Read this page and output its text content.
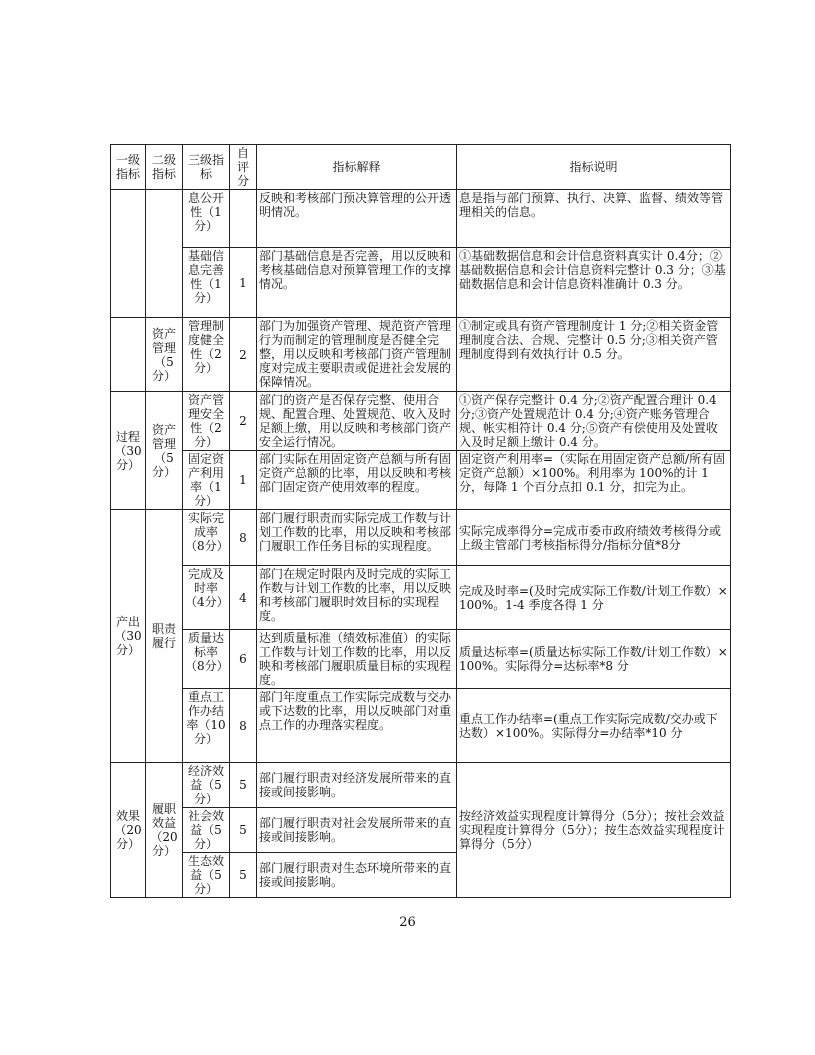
一级指标	二级指标	三级指标	自评分	指标解释	指标说明
		息公开性（1分）		反映和考核部门预决算管理的公开透明情况。	息是指与部门预算、执行、决算、监督、绩效等管理相关的信息。
		基础信息完善性（1分）	1	部门基础信息是否完善，用以反映和考核基础信息对预算管理工作的支撑情况。	①基础数据信息和会计信息资料真实计 0.4分；②基础数据信息和会计信息资料完整计 0.3 分；③基础数据信息和会计信息资料准确计 0.3 分。
	资产管理（5分）	管理制度健全性（2分）	2	部门为加强资产管理、规范资产管理行为而制定的管理制度是否健全完整，用以反映和考核部门资产管理制度对完成主要职责或促进社会发展的保障情况。	①制定或具有资产管理制度计 1 分;②相关资金管理制度合法、合规、完整计 0.5 分;③相关资产管理制度得到有效执行计 0.5 分。
过程（30分）	资产管理（5分）	资产管理安全性（2分）	2	部门的资产是否保存完整、使用合规、配置合理、处置规范、收入及时足额上缴，用以反映和考核部门资产安全运行情况。	①资产保存完整计 0.4 分;②资产配置合理计 0.4 分;③资产处置规范计 0.4 分;④资产账务管理合规、帐实相符计 0.4 分;⑤资产有偿使用及处置收入及时足额上缴计 0.4 分。
		固定资产利用率（1分）	1	部门实际在用固定资产总额与所有固定资产总额的比率，用以反映和考核部门固定资产使用效率的程度。	固定资产利用率=（实际在用固定资产总额/所有固定资产总额）×100%。利用率为 100%的计 1 分，每降 1 个百分点扣 0.1 分，扣完为止。
产出（30分）	职责履行	实际完成率（8分）	8	部门履行职责而实际完成工作数与计划工作数的比率，用以反映和考核部门履职工作任务目标的实现程度。	实际完成率得分=完成市委市政府绩效考核得分或上级主管部门考核指标得分/指标分值*8分
		完成及时率（4分）	4	部门在规定时限内及时完成的实际工作数与计划工作数的比率，用以反映和考核部门履职时效目标的实现程度。	完成及时率=(及时完成实际工作数/计划工作数）×100%。1-4 季度各得 1 分
		质量达标率（8分）	6	达到质量标准（绩效标准值）的实际工作数与计划工作数的比率，用以反映和考核部门履职质量目标的实现程度。	质量达标率=(质量达标实际工作数/计划工作数）×100%。实际得分=达标率*8 分
		重点工作办结率（10分）	8	部门年度重点工作实际完成数与交办或下达数的比率，用以反映部门对重点工作的办理落实程度。	重点工作办结率=(重点工作实际完成数/交办或下达数）×100%。实际得分=办结率*10 分
效果（20分）	履职效益（20分）	经济效益（5分）	5	部门履行职责对经济发展所带来的直接或间接影响。	按经济效益实现程度计算得分（5分）；按社会效益实现程度计算得分（5分）；按生态效益实现程度计算得分（5分）
		社会效益（5分）	5	部门履行职责对社会发展所带来的直接或间接影响。	
		生态效益（5分）	5	部门履行职责对生态环境所带来的直接或间接影响。	
26
